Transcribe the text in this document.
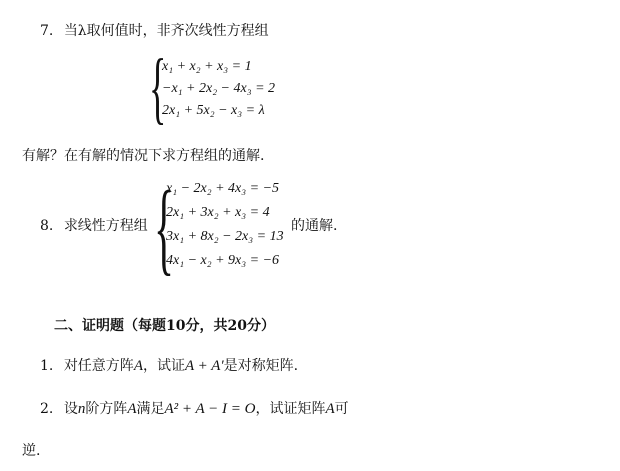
7. 当λ取何值时，非齐次线性方程组
{
x₁ + x₂ + x₃ = 1
−x₁ + 2x₂ − 4x₃ = 2
2x₁ + 5x₂ − x₃ = λ
有解？在有解的情况下求方程组的通解.
8. 求线性方程组 {
x₁ − 2x₂ + 4x₃ = −5
2x₁ + 3x₂ + x₃ = 4
3x₁ + 8x₂ − 2x₃ = 13
4x₁ − x₂ + 9x₃ = −6
的通解.
二、证明题（每题10分，共20分）
1. 对任意方阵A，试证A + A′是对称矩阵.
2. 设n阶方阵A满足A² + A − I = O，试证矩阵A可
逆.
